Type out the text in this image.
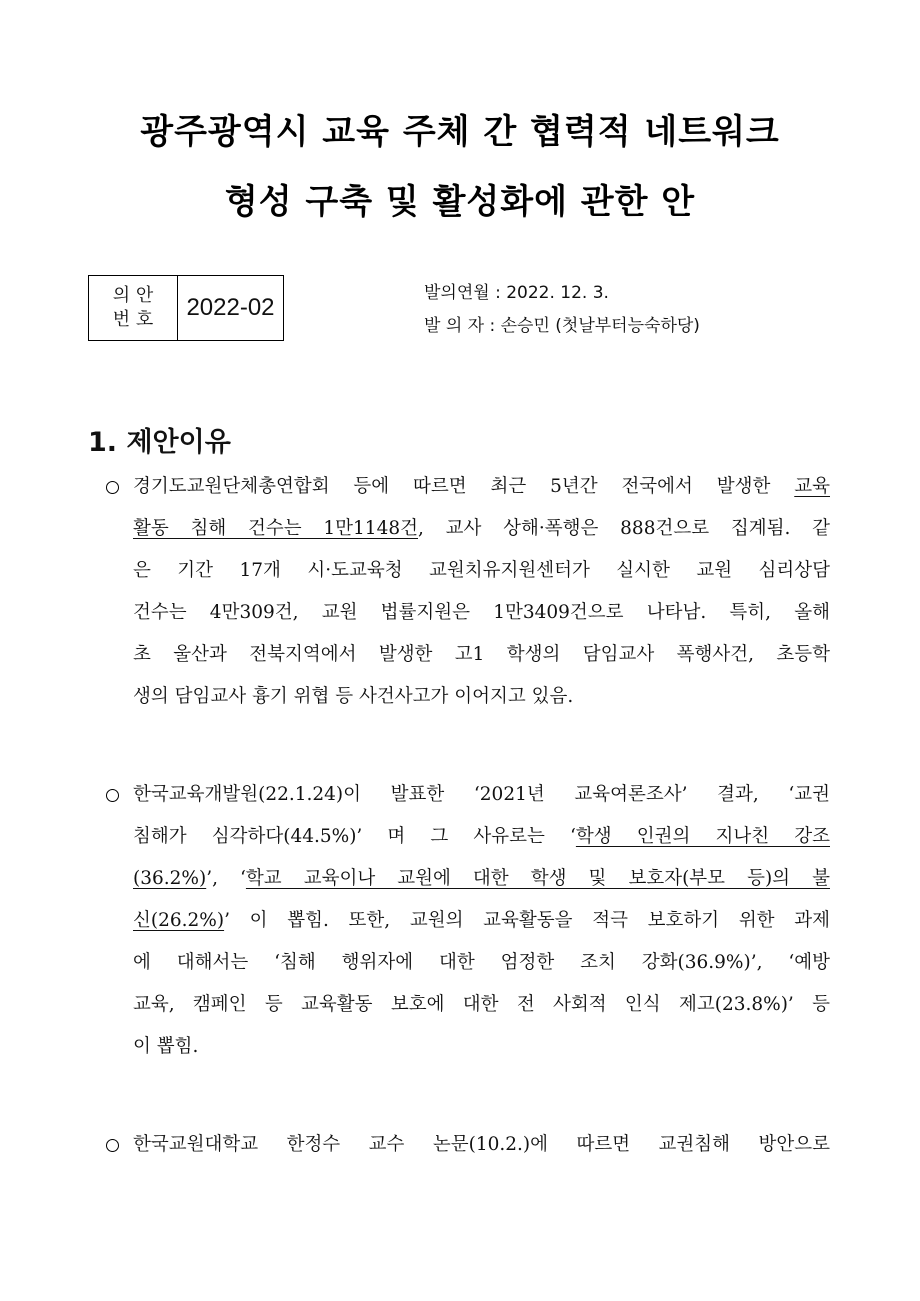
광주광역시 교육 주체 간 협력적 네트워크
형성 구축 및 활성화에 관한 안
의 안
번 호	2022-02
발의연월 : 2022. 12. 3.
발 의 자 : 손승민 (첫날부터능숙하당)
1. 제안이유
경기도교원단체총연합회 등에 따르면 최근 5년간 전국에서 발생한 교육
활동 침해 건수는 1만1148건, 교사 상해·폭행은 888건으로 집계됨. 같
은 기간 17개 시·도교육청 교원치유지원센터가 실시한 교원 심리상담
건수는 4만309건, 교원 법률지원은 1만3409건으로 나타남. 특히, 올해
초 울산과 전북지역에서 발생한 고1 학생의 담임교사 폭행사건, 초등학
생의 담임교사 흉기 위협 등 사건사고가 이어지고 있음.
한국교육개발원(22.1.24)이 발표한 ‘2021년 교육여론조사’ 결과, ‘교권
침해가 심각하다(44.5%)’ 며 그 사유로는 ‘학생 인권의 지나친 강조
(36.2%)’, ‘학교 교육이나 교원에 대한 학생 및 보호자(부모 등)의 불
신(26.2%)’ 이 뽑힘. 또한, 교원의 교육활동을 적극 보호하기 위한 과제
에 대해서는 ‘침해 행위자에 대한 엄정한 조치 강화(36.9%)’, ‘예방
교육, 캠페인 등 교육활동 보호에 대한 전 사회적 인식 제고(23.8%)’ 등
이 뽑힘.
한국교원대학교 한정수 교수 논문(10.2.)에 따르면 교권침해 방안으로
